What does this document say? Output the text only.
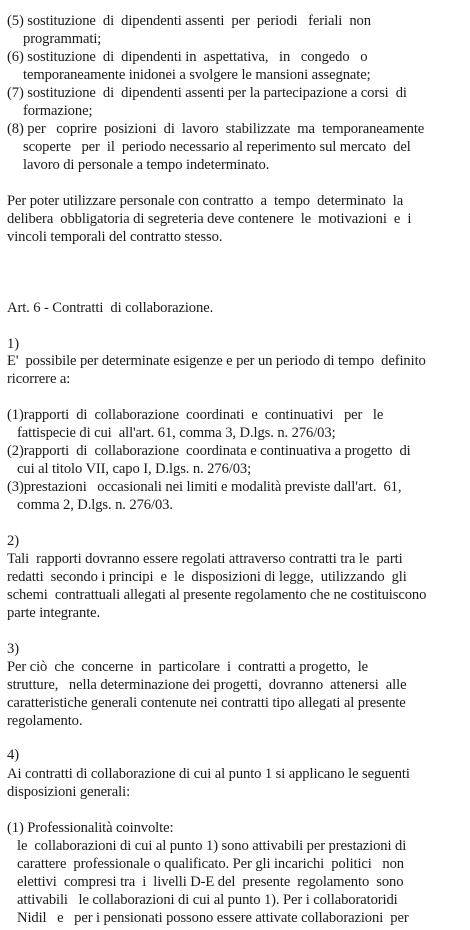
(5) sostituzione  di  dipendenti assenti  per  periodi   feriali  non
programmati;
(6) sostituzione  di  dipendenti in  aspettativa,   in   congedo   o
temporaneamente inidonei a svolgere le mansioni assegnate;
(7) sostituzione  di  dipendenti assenti per la partecipazione a corsi  di
formazione;
(8) per   coprire  posizioni  di  lavoro  stabilizzate  ma  temporaneamente
scoperte   per  il  periodo necessario al reperimento sul mercato  del
lavoro di personale a tempo indeterminato.
Per poter utilizzare personale con contratto  a  tempo  determinato  la
delibera  obbligatoria di segreteria deve contenere  le  motivazioni  e  i
vincoli temporali del contratto stesso.
Art. 6 - Contratti  di collaborazione.
1)
E'  possibile per determinate esigenze e per un periodo di tempo  definito
ricorrere a:
(1)rapporti  di  collaborazione  coordinati  e  continuativi   per   le
fattispecie di cui  all'art. 61, comma 3, D.lgs. n. 276/03;
(2)rapporti  di  collaborazione  coordinata e continuativa a progetto  di
cui al titolo VII, capo I, D.lgs. n. 276/03;
(3)prestazioni   occasionali nei limiti e modalità previste dall'art.  61,
comma 2, D.lgs. n. 276/03.
2)
Tali  rapporti dovranno essere regolati attraverso contratti tra le  parti
redatti  secondo i principi  e  le  disposizioni di legge,  utilizzando  gli
schemi  contrattuali allegati al presente regolamento che ne costituiscono
parte integrante.
3)
Per ciò  che  concerne  in  particolare  i  contratti a progetto,  le
strutture,   nella determinazione dei progetti,  dovranno  attenersi  alle
caratteristiche generali contenute nei contratti tipo allegati al presente
regolamento.
4)
Ai contratti di collaborazione di cui al punto 1 si applicano le seguenti
disposizioni generali:
(1) Professionalità coinvolte:
le  collaborazioni di cui al punto 1) sono attivabili per prestazioni di
carattere  professionale o qualificato. Per gli incarichi  politici   non
elettivi  compresi tra  i  livelli D-E del  presente  regolamento  sono
attivabili   le collaborazioni di cui al punto 1). Per i collaboratoridi
Nidil   e   per i pensionati possono essere attivate collaborazioni  per
